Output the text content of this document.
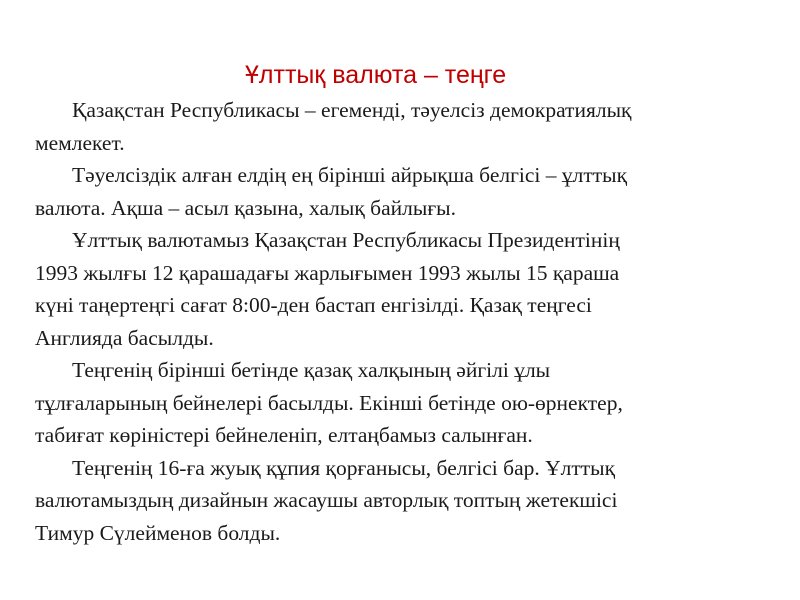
Ұлттық валюта – теңге
Қазақстан Республикасы – егеменді, тәуелсіз демократиялық
мемлекет.
Тәуелсіздік алған елдің ең бірінші айрықша белгісі – ұлттық
валюта. Ақша – асыл қазына, халық байлығы.
Ұлттық валютамыз Қазақстан Республикасы Президентінің
1993 жылғы 12 қарашадағы жарлығымен 1993 жылы 15 қараша
күні таңертеңгі сағат 8:00-ден бастап енгізілді. Қазақ теңгесі
Англияда басылды.
Теңгенің бірінші бетінде қазақ халқының әйгілі ұлы
тұлғаларының бейнелері басылды. Екінші бетінде ою-өрнектер,
табиғат көріністері бейнеленіп, елтаңбамыз салынған.
Теңгенің 16-ға жуық құпия қорғанысы, белгісі бар. Ұлттық
валютамыздың дизайнын жасаушы авторлық топтың жетекшісі
Тимур Сүлейменов болды.
